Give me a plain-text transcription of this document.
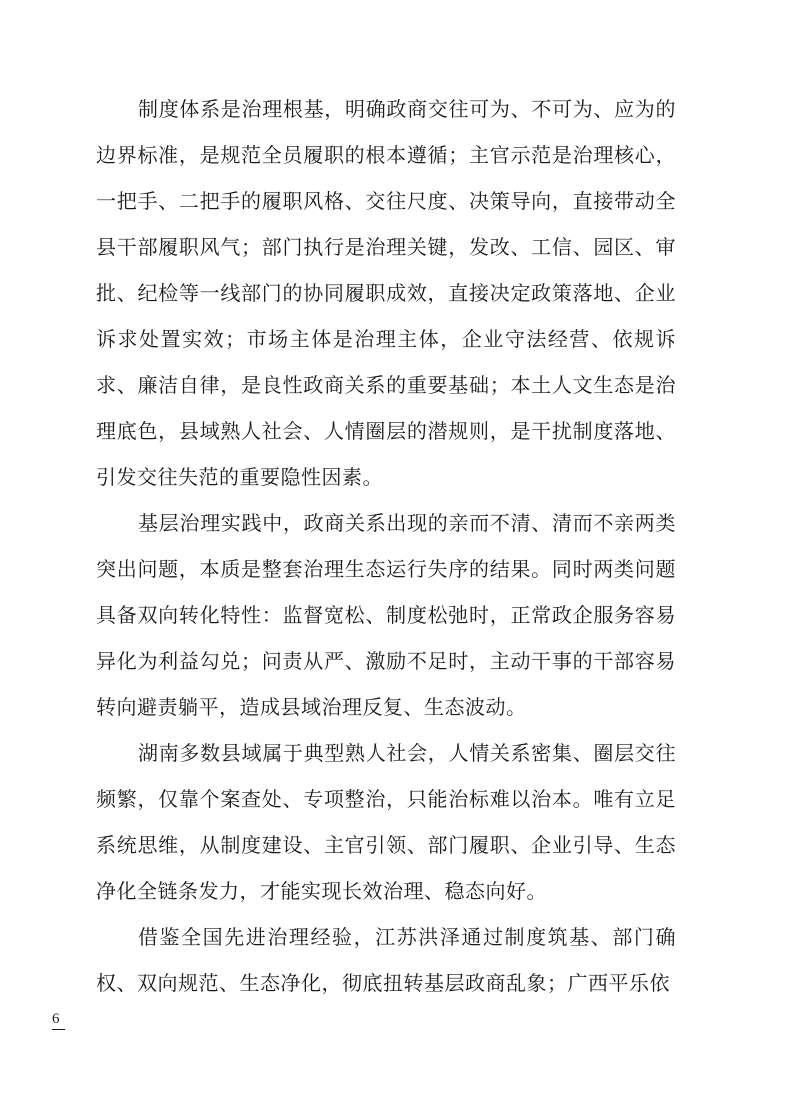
制度体系是治理根基，明确政商交往可为、不可为、应为的边界标准，是规范全员履职的根本遵循；主官示范是治理核心，一把手、二把手的履职风格、交往尺度、决策导向，直接带动全县干部履职风气；部门执行是治理关键，发改、工信、园区、审批、纪检等一线部门的协同履职成效，直接决定政策落地、企业诉求处置实效；市场主体是治理主体，企业守法经营、依规诉求、廉洁自律，是良性政商关系的重要基础；本土人文生态是治理底色，县域熟人社会、人情圈层的潜规则，是干扰制度落地、引发交往失范的重要隐性因素。

基层治理实践中，政商关系出现的亲而不清、清而不亲两类突出问题，本质是整套治理生态运行失序的结果。同时两类问题具备双向转化特性：监督宽松、制度松弛时，正常政企服务容易异化为利益勾兑；问责从严、激励不足时，主动干事的干部容易转向避责躺平，造成县域治理反复、生态波动。

湖南多数县域属于典型熟人社会，人情关系密集、圈层交往频繁，仅靠个案查处、专项整治，只能治标难以治本。唯有立足系统思维，从制度建设、主官引领、部门履职、企业引导、生态净化全链条发力，才能实现长效治理、稳态向好。

借鉴全国先进治理经验，江苏洪泽通过制度筑基、部门确权、双向规范、生态净化，彻底扭转基层政商乱象；广西平乐依

6
